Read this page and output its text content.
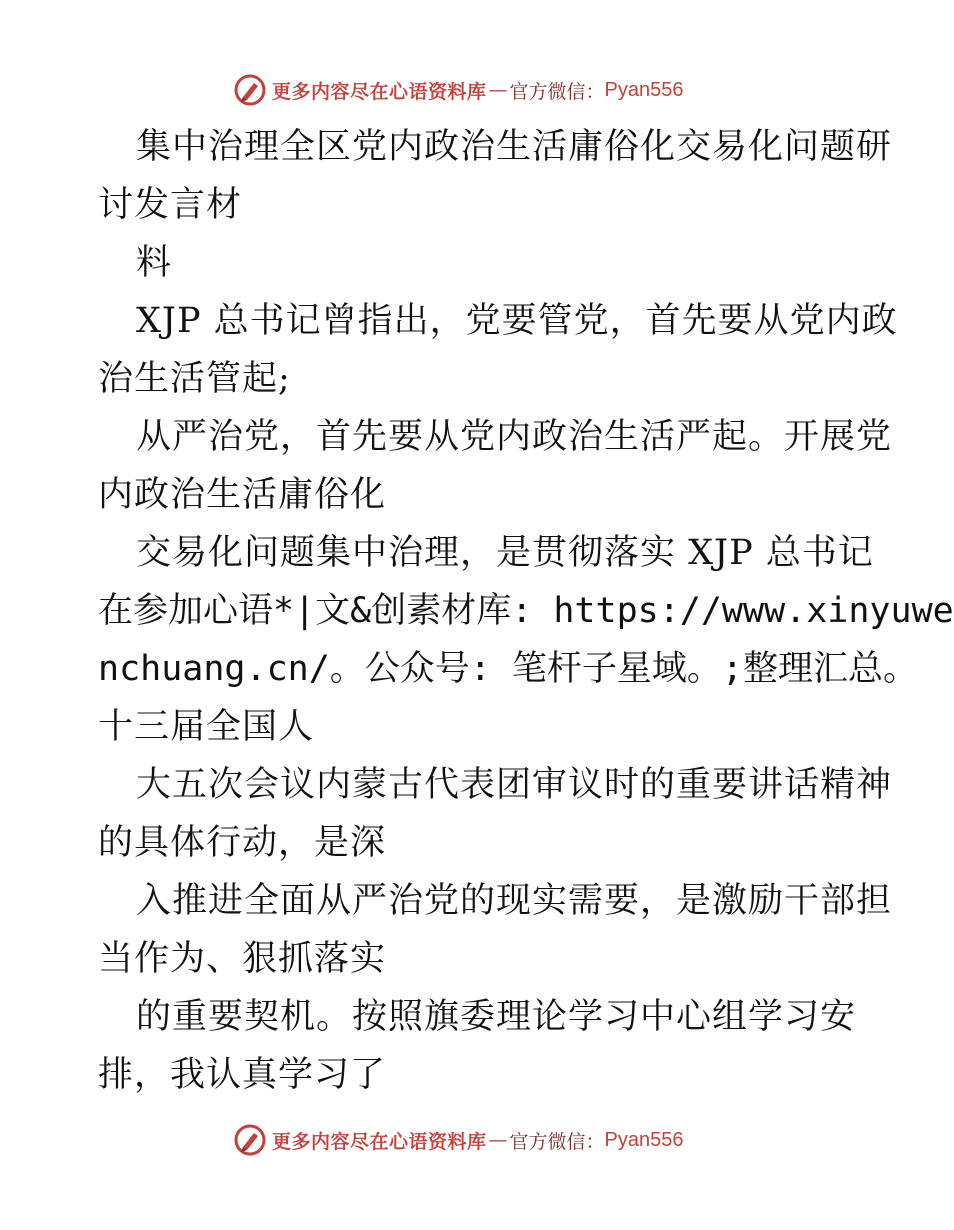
更多内容尽在心语资料库 — 官方微信： Pyan556
集中治理全区党内政治生活庸俗化交易化问题研
讨发言材
料
XJP 总书记曾指出，党要管党，首先要从党内政
治生活管起;
从严治党，首先要从党内政治生活严起。开展党
内政治生活庸俗化
交易化问题集中治理，是贯彻落实 XJP 总书记
在参加心语*|文&创素材库: https://www.xinyuwe
nchuang.cn/。公众号: 笔杆子星域。;整理汇总。
十三届全国人
大五次会议内蒙古代表团审议时的重要讲话精神
的具体行动，是深
入推进全面从严治党的现实需要，是激励干部担
当作为、狠抓落实
的重要契机。按照旗委理论学习中心组学习安
排，我认真学习了
更多内容尽在心语资料库 — 官方微信： Pyan556
